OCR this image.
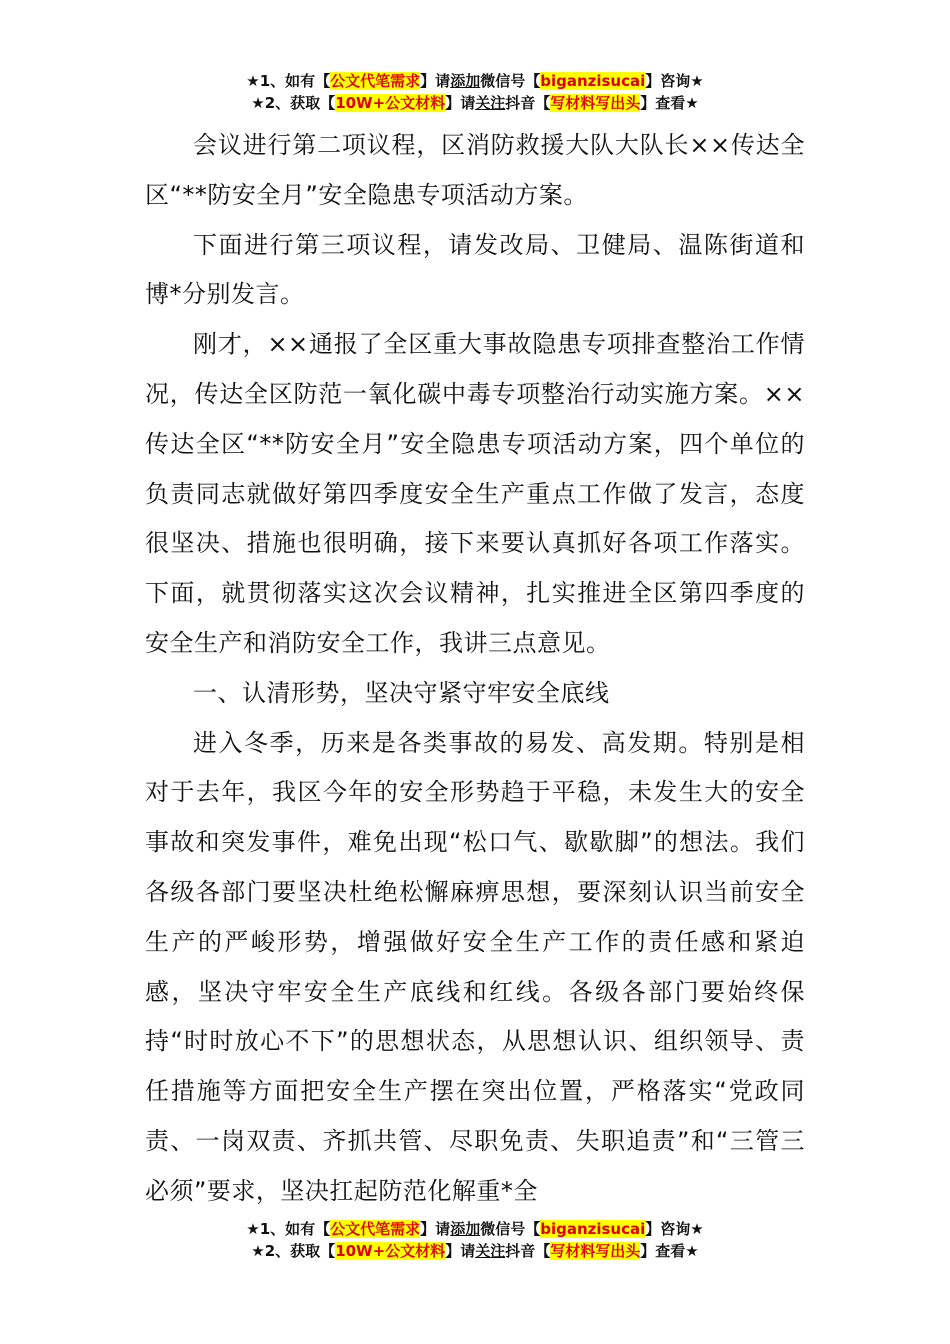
★1、如有【公文代笔需求】请添加微信号【biganzisucai】咨询★
★2、获取【10W+公文材料】请关注抖音【写材料写出头】查看★

会议进行第二项议程，区消防救援大队大队长××传达全区“**防安全月”安全隐患专项活动方案。

下面进行第三项议程，请发改局、卫健局、温陈街道和博*分别发言。

刚才，××通报了全区重大事故隐患专项排查整治工作情况，传达全区防范一氧化碳中毒专项整治行动实施方案。××传达全区“**防安全月”安全隐患专项活动方案，四个单位的负责同志就做好第四季度安全生产重点工作做了发言，态度很坚决、措施也很明确，接下来要认真抓好各项工作落实。下面，就贯彻落实这次会议精神，扎实推进全区第四季度的安全生产和消防安全工作，我讲三点意见。

一、认清形势，坚决守紧守牢安全底线

进入冬季，历来是各类事故的易发、高发期。特别是相对于去年，我区今年的安全形势趋于平稳，未发生大的安全事故和突发事件，难免出现“松口气、歇歇脚”的想法。我们各级各部门要坚决杜绝松懈麻痹思想，要深刻认识当前安全生产的严峻形势，增强做好安全生产工作的责任感和紧迫感，坚决守牢安全生产底线和红线。各级各部门要始终保持“时时放心不下”的思想状态，从思想认识、组织领导、责任措施等方面把安全生产摆在突出位置，严格落实“党政同责、一岗双责、齐抓共管、尽职免责、失职追责”和“三管三必须”要求，坚决扛起防范化解重*全

★1、如有【公文代笔需求】请添加微信号【biganzisucai】咨询★
★2、获取【10W+公文材料】请关注抖音【写材料写出头】查看★
